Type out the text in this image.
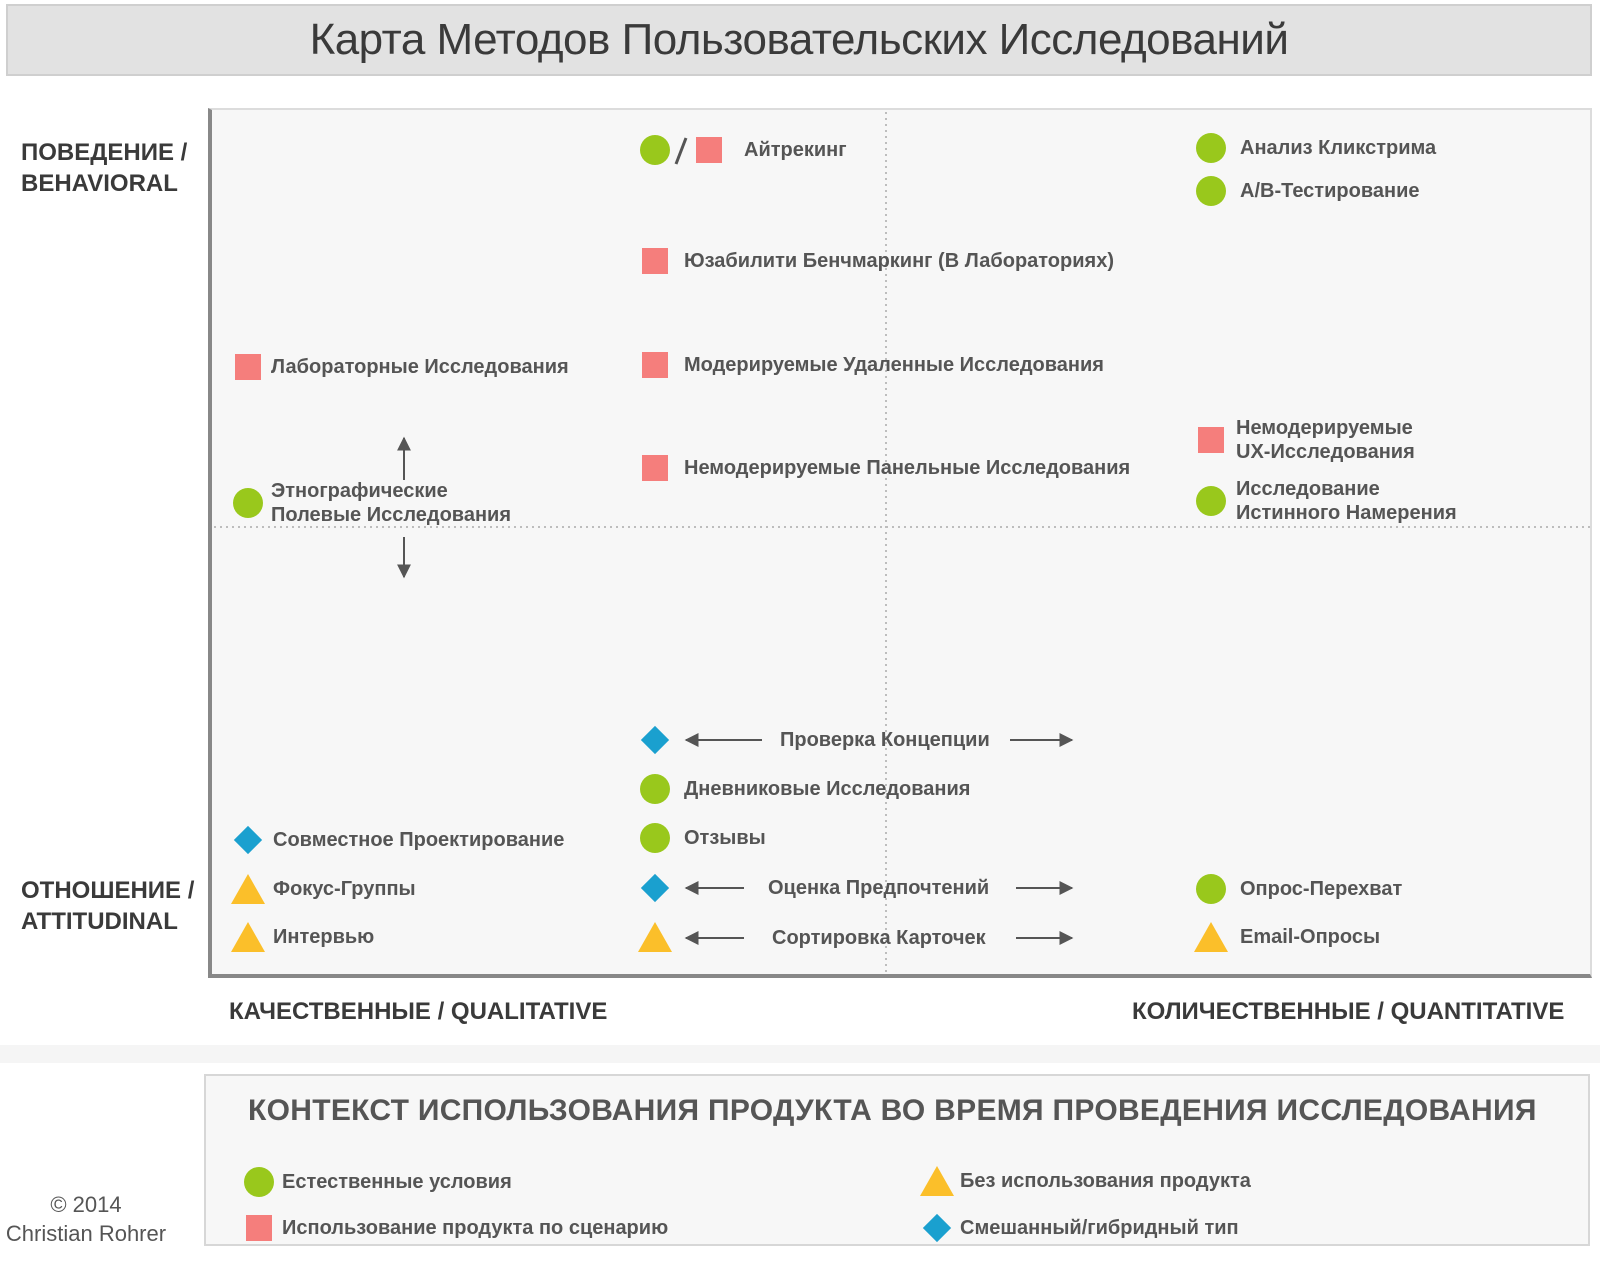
Карта Методов Пользовательских Исследований
ПОВЕДЕНИЕ /
BEHAVIORAL
ОТНОШЕНИЕ /
ATTITUDINAL
КАЧЕСТВЕННЫЕ / QUALITATIVE	КОЛИЧЕСТВЕННЫЕ / QUANTITATIVE
Айтрекинг	Анализ Кликстрима
A/B-Тестирование
Юзабилити Бенчмаркинг (В Лабораториях)
Лабораторные Исследования	Модерируемые Удаленные Исследования
Немодерируемые
UX-Исследования
Немодерируемые Панельные Исследования
Этнографические
Полевые Исследования
Исследование
Истинного Намерения
Проверка Концепции
Дневниковые Исследования
Отзывы
Совместное Проектирование
Фокус-Группы	Оценка Предпочтений	Опрос-Перехват
Интервью	Сортировка Карточек	Email-Опросы
КОНТЕКСТ ИСПОЛЬЗОВАНИЯ ПРОДУКТА ВО ВРЕМЯ ПРОВЕДЕНИЯ ИССЛЕДОВАНИЯ
Естественные условия
Использование продукта по сценарию
Без использования продукта
Смешанный/гибридный тип
© 2014
Christian Rohrer
